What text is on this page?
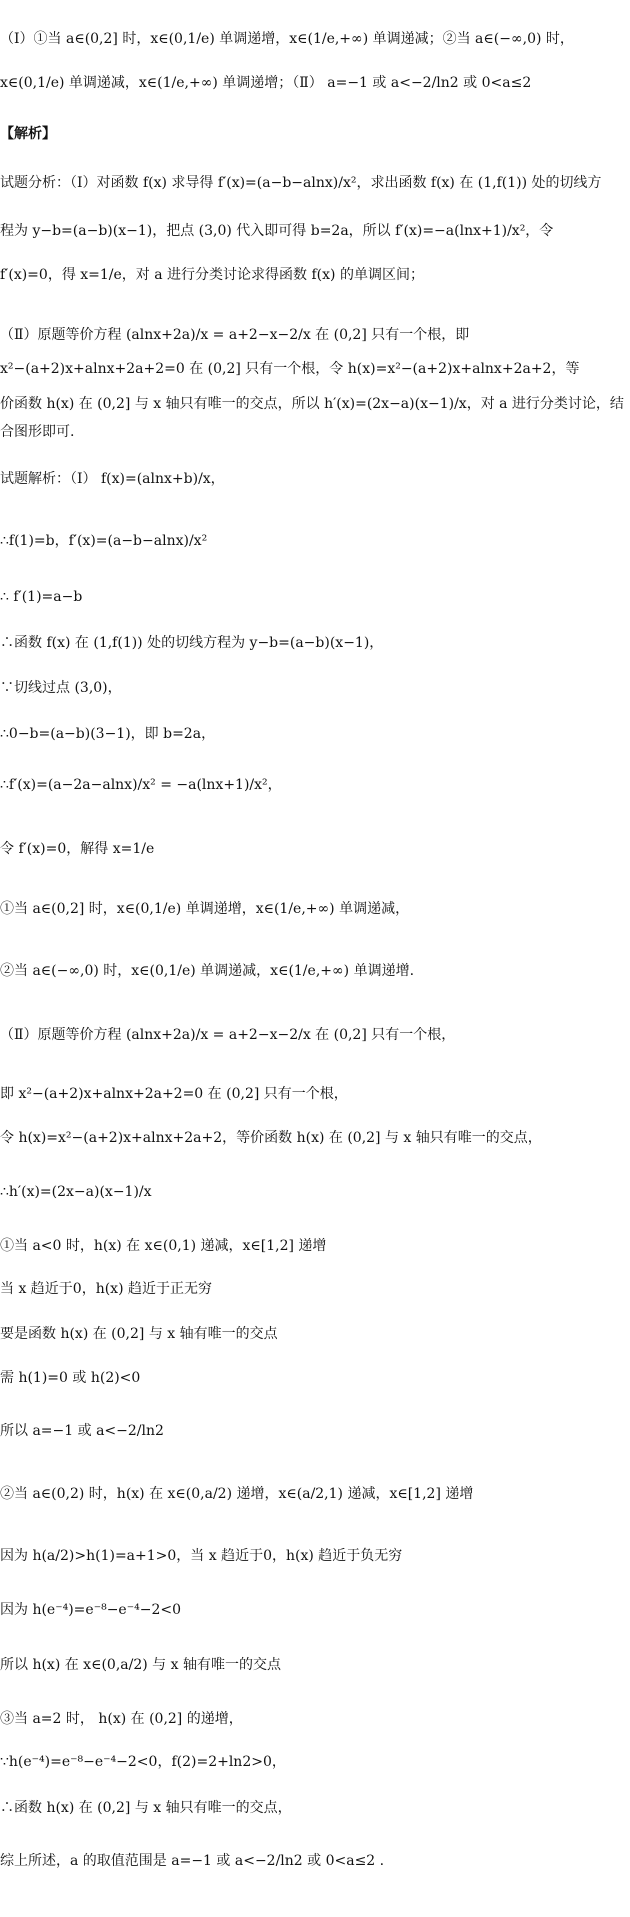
【解析】
（Ⅰ）①当 a∈(0,2] 时，x∈(0,1/e) 单调递增，x∈(1/e,+∞) 单调递减；②当 a∈(−∞,0) 时，
x∈(0,1/e) 单调递减，x∈(1/e,+∞) 单调递增；（Ⅱ） a=−1 或 a<−2/ln2 或 0<a≤2
试题分析：（Ⅰ）对函数 f(x) 求导得 f′(x)=(a−b−alnx)/x²，求出函数 f(x) 在 (1,f(1)) 处的切线方
程为 y−b=(a−b)(x−1)，把点 (3,0) 代入即可得 b=2a，所以 f′(x)=−a(lnx+1)/x²，令
f′(x)=0，得 x=1/e，对 a 进行分类讨论求得函数 f(x) 的单调区间；
（Ⅱ）原题等价方程 (alnx+2a)/x = a+2−x−2/x 在 (0,2] 只有一个根，即
x²−(a+2)x+alnx+2a+2=0 在 (0,2] 只有一个根，令 h(x)=x²−(a+2)x+alnx+2a+2，等
价函数 h(x) 在 (0,2] 与 x 轴只有唯一的交点，所以 h′(x)=(2x−a)(x−1)/x，对 a 进行分类讨论，结
合图形即可.
试题解析：（Ⅰ） f(x)=(alnx+b)/x，
∴f(1)=b，f′(x)=(a−b−alnx)/x²
∴ f′(1)=a−b
∴函数 f(x) 在 (1,f(1)) 处的切线方程为 y−b=(a−b)(x−1)，
∵切线过点 (3,0)，
∴0−b=(a−b)(3−1)，即 b=2a，
∴f′(x)=(a−2a−alnx)/x² = −a(lnx+1)/x²，
令 f′(x)=0，解得 x=1/e
①当 a∈(0,2] 时，x∈(0,1/e) 单调递增，x∈(1/e,+∞) 单调递减，
②当 a∈(−∞,0) 时，x∈(0,1/e) 单调递减，x∈(1/e,+∞) 单调递增.
（Ⅱ）原题等价方程 (alnx+2a)/x = a+2−x−2/x 在 (0,2] 只有一个根，
即 x²−(a+2)x+alnx+2a+2=0 在 (0,2] 只有一个根，
令 h(x)=x²−(a+2)x+alnx+2a+2，等价函数 h(x) 在 (0,2] 与 x 轴只有唯一的交点，
∴h′(x)=(2x−a)(x−1)/x
①当 a<0 时，h(x) 在 x∈(0,1) 递减，x∈[1,2] 递增
当 x 趋近于0，h(x) 趋近于正无穷
要是函数 h(x) 在 (0,2] 与 x 轴有唯一的交点
需 h(1)=0 或 h(2)<0
所以 a=−1 或 a<−2/ln2
②当 a∈(0,2) 时，h(x) 在 x∈(0,a/2) 递增，x∈(a/2,1) 递减，x∈[1,2] 递增
因为 h(a/2)>h(1)=a+1>0，当 x 趋近于0，h(x) 趋近于负无穷
因为 h(e⁻⁴)=e⁻⁸−e⁻⁴−2<0
所以 h(x) 在 x∈(0,a/2) 与 x 轴有唯一的交点
③当 a=2 时， h(x) 在 (0,2] 的递增，
∵h(e⁻⁴)=e⁻⁸−e⁻⁴−2<0，f(2)=2+ln2>0，
∴函数 h(x) 在 (0,2] 与 x 轴只有唯一的交点，
综上所述，a 的取值范围是 a=−1 或 a<−2/ln2 或 0<a≤2 .
